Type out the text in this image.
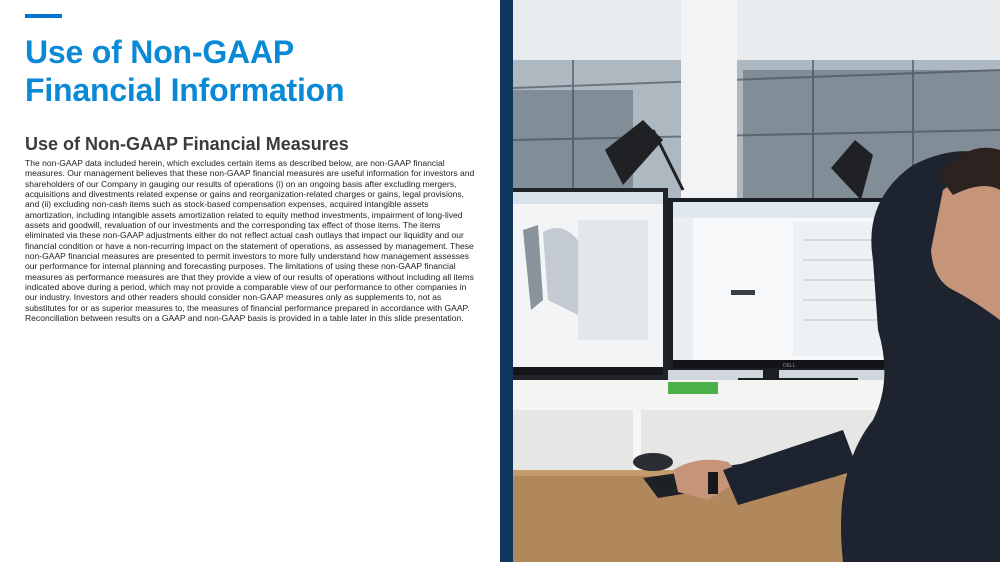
Use of Non-GAAP
Financial Information
Use of Non-GAAP Financial Measures

The non-GAAP data included herein, which excludes certain items as described below, are non-GAAP financial measures. Our management believes that these non-GAAP financial measures are useful information for investors and shareholders of our Company in gauging our results of operations (i) on an ongoing basis after excluding mergers, acquisitions and divestments related expense or gains and reorganization-related charges or gains, legal provisions, and (ii) excluding non-cash items such as stock-based compensation expenses, acquired intangible assets amortization, including intangible assets amortization related to equity method investments, impairment of long-lived assets and goodwill, revaluation of our investments and the corresponding tax effect of those items. The items eliminated via these non-GAAP adjustments either do not reflect actual cash outlays that impact our liquidity and our financial condition or have a non-recurring impact on the statement of operations, as assessed by management. These non-GAAP financial measures are presented to permit investors to more fully understand how management assesses our performance for internal planning and forecasting purposes. The limitations of using these non-GAAP financial measures as performance measures are that they provide a view of our results of operations without including all items indicated above during a period, which may not provide a comparable view of our performance to other companies in our industry. Investors and other readers should consider non-GAAP measures only as supplements to, not as substitutes for or as superior measures to, the measures of financial performance prepared in accordance with GAAP. Reconciliation between results on a GAAP and non-GAAP basis is provided in a table later in this slide presentation.

DELL
